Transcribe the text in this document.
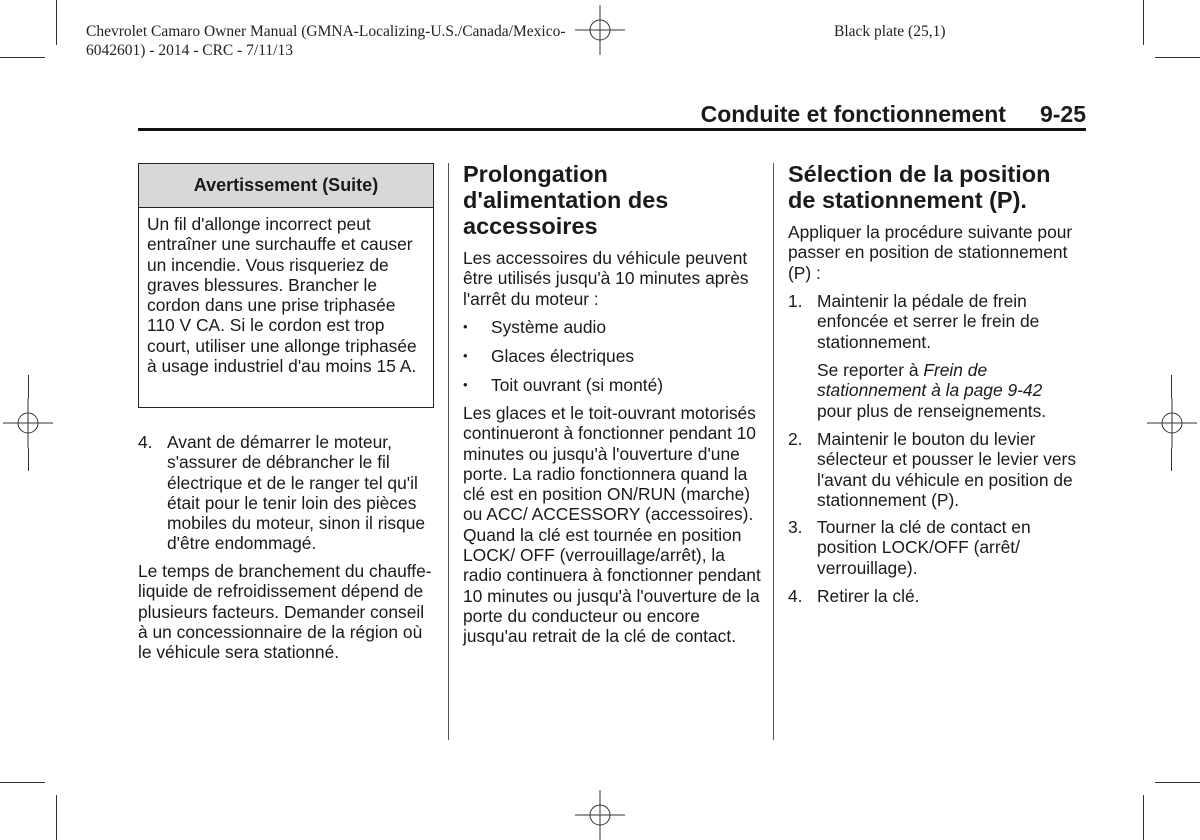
Chevrolet Camaro Owner Manual (GMNA-Localizing-U.S./Canada/Mexico-
6042601) - 2014 - CRC - 7/11/13
Black plate (25,1)
Conduite et fonctionnement 9-25
Avertissement (Suite)
Un fil d'allonge incorrect peut entraîner une surchauffe et causer un incendie. Vous risqueriez de graves blessures. Brancher le cordon dans une prise triphasée 110 V CA. Si le cordon est trop court, utiliser une allonge triphasée à usage industriel d'au moins 15 A.
4. Avant de démarrer le moteur, s'assurer de débrancher le fil électrique et de le ranger tel qu'il était pour le tenir loin des pièces mobiles du moteur, sinon il risque d'être endommagé.
Le temps de branchement du chauffe-liquide de refroidissement dépend de plusieurs facteurs. Demander conseil à un concessionnaire de la région où le véhicule sera stationné.
Prolongation d'alimentation des accessoires
Les accessoires du véhicule peuvent être utilisés jusqu'à 10 minutes après l'arrêt du moteur :
•	Système audio
•	Glaces électriques
•	Toit ouvrant (si monté)
Les glaces et le toit-ouvrant motorisés continueront à fonctionner pendant 10 minutes ou jusqu'à l'ouverture d'une porte. La radio fonctionnera quand la clé est en position ON/RUN (marche) ou ACC/ ACCESSORY (accessoires). Quand la clé est tournée en position LOCK/ OFF (verrouillage/arrêt), la radio continuera à fonctionner pendant 10 minutes ou jusqu'à l'ouverture de la porte du conducteur ou encore jusqu'au retrait de la clé de contact.
Sélection de la position de stationnement (P).
Appliquer la procédure suivante pour passer en position de stationnement (P) :
1. Maintenir la pédale de frein enfoncée et serrer le frein de stationnement.
Se reporter à Frein de stationnement à la page 9-42 pour plus de renseignements.
2. Maintenir le bouton du levier sélecteur et pousser le levier vers l'avant du véhicule en position de stationnement (P).
3. Tourner la clé de contact en position LOCK/OFF (arrêt/ verrouillage).
4. Retirer la clé.
